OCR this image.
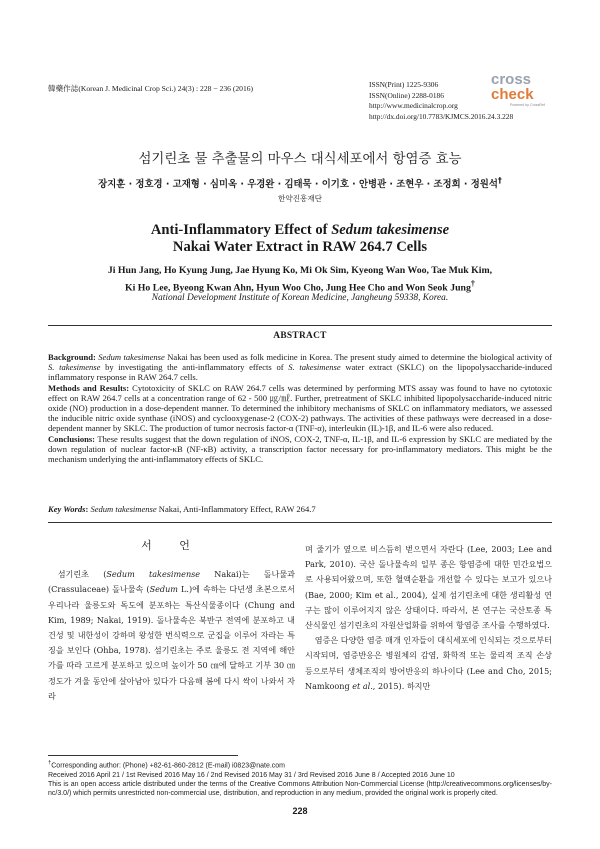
韓藥作誌(Korean J. Medicinal Crop Sci.) 24(3) : 228 − 236 (2016)	ISSN(Print) 1225-9306
ISSN(Online) 2288-0186
http://www.medicinalcrop.org
http://dx.doi.org/10.7783/KJMCS.2016.24.3.228
cross
check
Powered by CrossRef
섬기린초 물 추출물의 마우스 대식세포에서 항염증 효능
장지훈 · 정호경 · 고재형 · 심미옥 · 우경완 · 김태묵 · 이기호 · 안병관 · 조현우 · 조정희 · 정원석†
한약진흥재단
Anti-Inflammatory Effect of Sedum takesimense
Nakai Water Extract in RAW 264.7 Cells
Ji Hun Jang, Ho Kyung Jung, Jae Hyung Ko, Mi Ok Sim, Kyeong Wan Woo, Tae Muk Kim,
Ki Ho Lee, Byeong Kwan Ahn, Hyun Woo Cho, Jung Hee Cho and Won Seok Jung†
National Development Institute of Korean Medicine, Jangheung 59338, Korea.
ABSTRACT

Background: Sedum takesimense Nakai has been used as folk medicine in Korea. The present study aimed to determine the biological activity of S. takesimense by investigating the anti-inflammatory effects of S. takesimense water extract (SKLC) on the lipopolysaccharide-induced inflammatory response in RAW 264.7 cells.

Methods and Results: Cytotoxicity of SKLC on RAW 264.7 cells was determined by performing MTS assay was found to have no cytotoxic effect on RAW 264.7 cells at a concentration range of 62 - 500 ㎍/㎖. Further, pretreatment of SKLC inhibited lipopolysaccharide-induced nitric oxide (NO) production in a dose-dependent manner. To determined the inhibitory mechanisms of SKLC on inflammatory mediators, we assessed the inducible nitric oxide synthase (iNOS) and cyclooxygenase-2 (COX-2) pathways. The activities of these pathways were decreased in a dose-dependent manner by SKLC. The production of tumor necrosis factor-α (TNF-α), interleukin (IL)-1β, and IL-6 were also reduced.

Conclusions: These results suggest that the down regulation of iNOS, COX-2, TNF-α, IL-1β, and IL-6 expression by SKLC are mediated by the down regulation of nuclear factor-κB (NF-κB) activity, a transcription factor necessary for pro-inflammatory mediators. This might be the mechanism underlying the anti-inflammatory effects of SKLC.

Key Words: Sedum takesimense Nakai, Anti-Inflammatory Effect, RAW 264.7
서 언

섬기린초 (Sedum takesimense Nakai)는 돌나물과 (Crassulaceae) 돌나물속 (Sedum L.)에 속하는 다년생 초본으로서 우리나라 울릉도와 독도에 분포하는 특산식물종이다 (Chung and Kim, 1989; Nakai, 1919). 돌나물속은 북반구 전역에 분포하고 내건성 및 내한성이 강하며 왕성한 번식력으로 군집을 이루어 자라는 특징을 보인다 (Ohba, 1978). 섬기린초는 주로 울릉도 전 지역에 해안가를 따라 고르게 분포하고 있으며 높이가 50 ㎝에 달하고 기부 30 ㎝ 정도가 겨울 동안에 살아남아 있다가 다음해 봄에 다시 싹이 나와서 자라

며 줄기가 옆으로 비스듬히 벋으면서 자란다 (Lee, 2003; Lee and Park, 2010). 국산 돌나물속의 일부 종은 항염증에 대한 민간요법으로 사용되어왔으며, 또한 혈액순환을 개선할 수 있다는 보고가 있으나 (Bae, 2000; Kim et al., 2004), 실제 섬기린초에 대한 생리활성 연구는 많이 이루어지지 않은 상태이다. 따라서, 본 연구는 국산토종 특산식물인 섬기린초의 자원산업화를 위하여 항염증 조사를 수행하였다.

염증은 다양한 염증 매개 인자들이 대식세포에 인식되는 것으로부터 시작되며, 염증반응은 병원체의 감염, 화학적 또는 물리적 조직 손상 등으로부터 생체조직의 방어반응의 하나이다 (Lee and Cho, 2015; Namkoong et al., 2015). 하지만

†Corresponding author: (Phone) +82-61-860-2812 (E-mail) i0823@nate.com

Received 2016 April 21 / 1st Revised 2016 May 16 / 2nd Revised 2016 May 31 / 3rd Revised 2016 June 8 / Accepted 2016 June 10

This is an open access article distributed under the terms of the Creative Commons Attribution Non-Commercial License (http://creativecommons.org/licenses/by-nc/3.0/) which permits unrestricted non-commercial use, distribution, and reproduction in any medium, provided the original work is properly cited.

228
